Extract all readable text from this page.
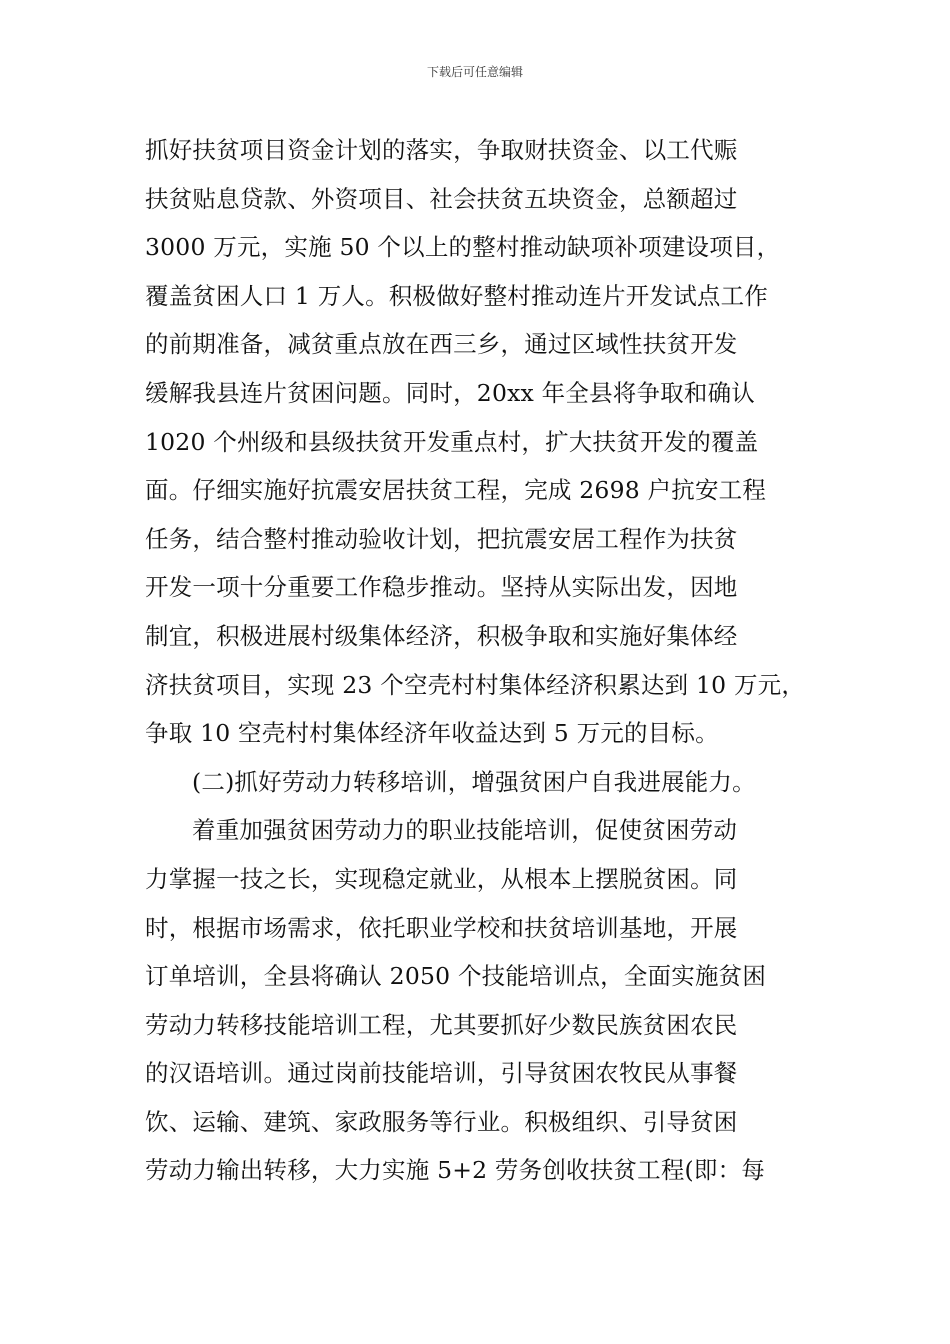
下载后可任意编辑
抓好扶贫项目资金计划的落实，争取财扶资金、以工代赈
扶贫贴息贷款、外资项目、社会扶贫五块资金，总额超过
3000 万元，实施 50 个以上的整村推动缺项补项建设项目，
覆盖贫困人口 1 万人。积极做好整村推动连片开发试点工作
的前期准备，减贫重点放在西三乡，通过区域性扶贫开发
缓解我县连片贫困问题。同时，20xx 年全县将争取和确认
1020 个州级和县级扶贫开发重点村，扩大扶贫开发的覆盖
面。仔细实施好抗震安居扶贫工程，完成 2698 户抗安工程
任务，结合整村推动验收计划，把抗震安居工程作为扶贫
开发一项十分重要工作稳步推动。坚持从实际出发，因地
制宜，积极进展村级集体经济，积极争取和实施好集体经
济扶贫项目，实现 23 个空壳村村集体经济积累达到 10 万元，
争取 10 空壳村村集体经济年收益达到 5 万元的目标。
(二)抓好劳动力转移培训，增强贫困户自我进展能力。
着重加强贫困劳动力的职业技能培训，促使贫困劳动
力掌握一技之长，实现稳定就业，从根本上摆脱贫困。同
时，根据市场需求，依托职业学校和扶贫培训基地，开展
订单培训，全县将确认 2050 个技能培训点，全面实施贫困
劳动力转移技能培训工程，尤其要抓好少数民族贫困农民
的汉语培训。通过岗前技能培训，引导贫困农牧民从事餐
饮、运输、建筑、家政服务等行业。积极组织、引导贫困
劳动力输出转移，大力实施 5+2 劳务创收扶贫工程(即：每
